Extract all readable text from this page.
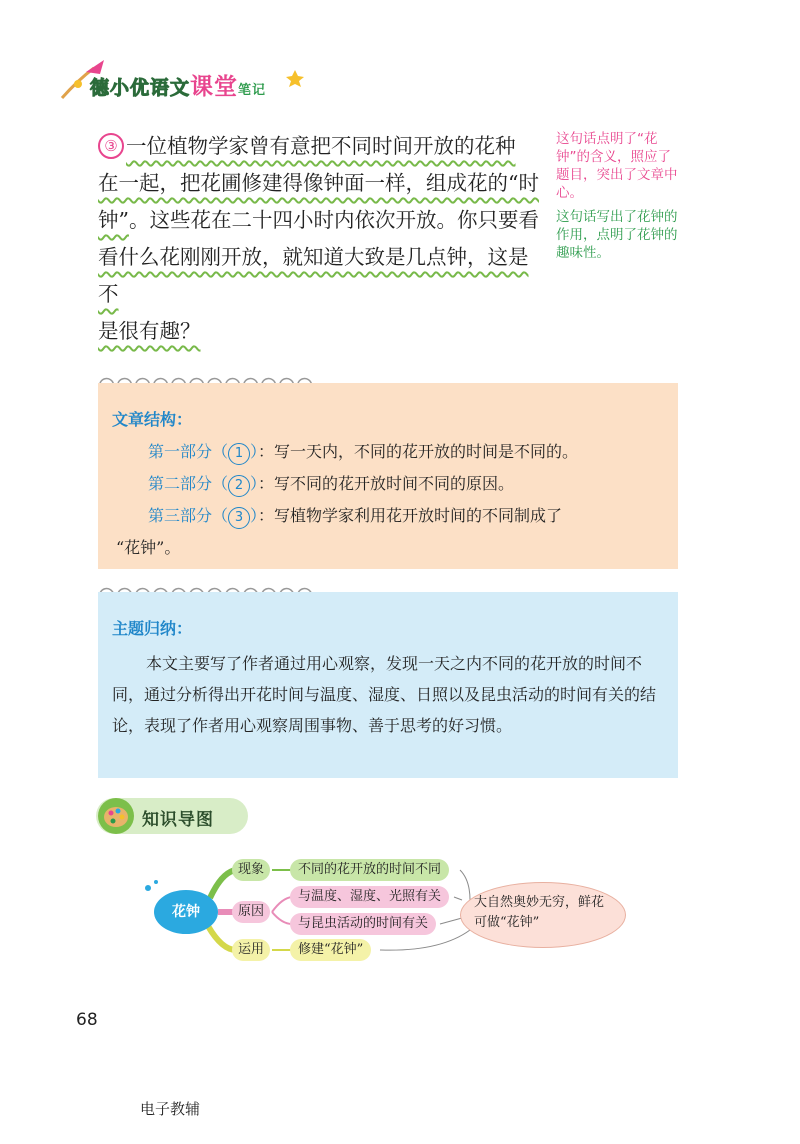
德小优语文课堂笔记
③ 一位植物学家曾有意把不同时间开放的花种
在一起，把花圃修建得像钟面一样，组成花的“时
钟”。这些花在二十四小时内依次开放。你只要看
看什么花刚刚开放，就知道大致是几点钟，这是不
是很有趣？
这句话点明了“花钟”的含义，照应了题目，突出了文章中心。
这句话写出了花钟的作用，点明了花钟的趣味性。
文章结构：
第一部分（ 1 ）：写一天内，不同的花开放的时间是不同的。
第二部分（ 2 ）：写不同的花开放时间不同的原因。
第三部分（ 3 ）：写植物学家利用花开放时间的不同制成了
“花钟”。
主题归纳：
本文主要写了作者通过用心观察，发现一天之内不同的花开放的时间不同，通过分析得出开花时间与温度、湿度、日照以及昆虫活动的时间有关的结论，表现了作者用心观察周围事物、善于思考的好习惯。
知识导图
花钟
现象
原因
运用
不同的花开放的时间不同
与温度、湿度、光照有关
与昆虫活动的时间有关
修建“花钟”
大自然奥妙无穷，鲜花可做“花钟”
68
电子教辅
